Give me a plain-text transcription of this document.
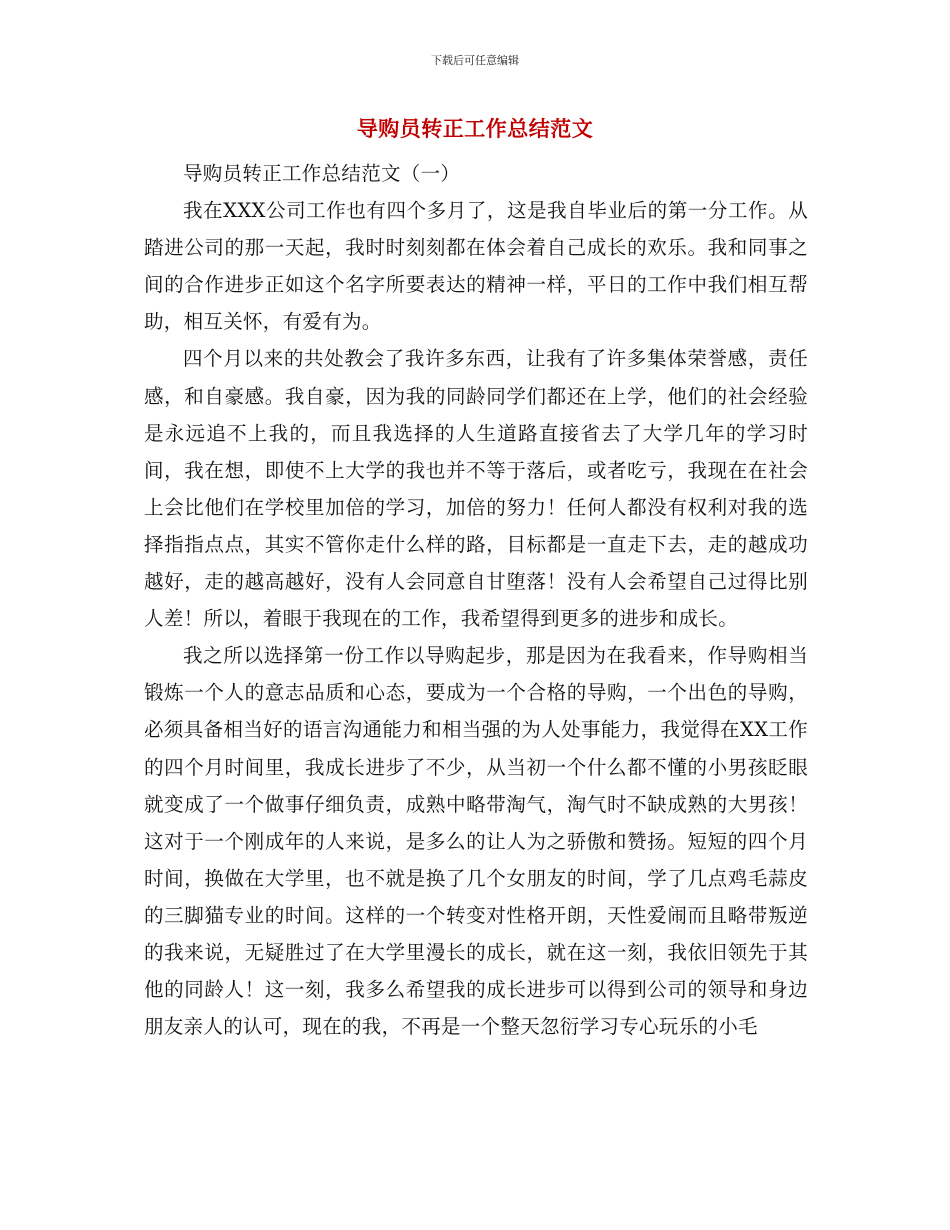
下载后可任意编辑
导购员转正工作总结范文

导购员转正工作总结范文（一）

我在XXX公司工作也有四个多月了，这是我自毕业后的第一分工作。从踏进公司的那一天起，我时时刻刻都在体会着自己成长的欢乐。我和同事之间的合作进步正如这个名字所要表达的精神一样，平日的工作中我们相互帮助，相互关怀，有爱有为。

四个月以来的共处教会了我许多东西，让我有了许多集体荣誉感，责任感，和自豪感。我自豪，因为我的同龄同学们都还在上学，他们的社会经验是永远追不上我的，而且我选择的人生道路直接省去了大学几年的学习时间，我在想，即使不上大学的我也并不等于落后，或者吃亏，我现在在社会上会比他们在学校里加倍的学习，加倍的努力！任何人都没有权利对我的选择指指点点，其实不管你走什么样的路，目标都是一直走下去，走的越成功越好，走的越高越好，没有人会同意自甘堕落！没有人会希望自己过得比别人差！所以，着眼于我现在的工作，我希望得到更多的进步和成长。

我之所以选择第一份工作以导购起步，那是因为在我看来，作导购相当锻炼一个人的意志品质和心态，要成为一个合格的导购，一个出色的导购，必须具备相当好的语言沟通能力和相当强的为人处事能力，我觉得在XX工作的四个月时间里，我成长进步了不少，从当初一个什么都不懂的小男孩眨眼就变成了一个做事仔细负责，成熟中略带淘气，淘气时不缺成熟的大男孩！这对于一个刚成年的人来说，是多么的让人为之骄傲和赞扬。短短的四个月时间，换做在大学里，也不就是换了几个女朋友的时间，学了几点鸡毛蒜皮的三脚猫专业的时间。这样的一个转变对性格开朗，天性爱闹而且略带叛逆的我来说，无疑胜过了在大学里漫长的成长，就在这一刻，我依旧领先于其他的同龄人！这一刻，我多么希望我的成长进步可以得到公司的领导和身边朋友亲人的认可，现在的我，不再是一个整天忽衍学习专心玩乐的小毛
